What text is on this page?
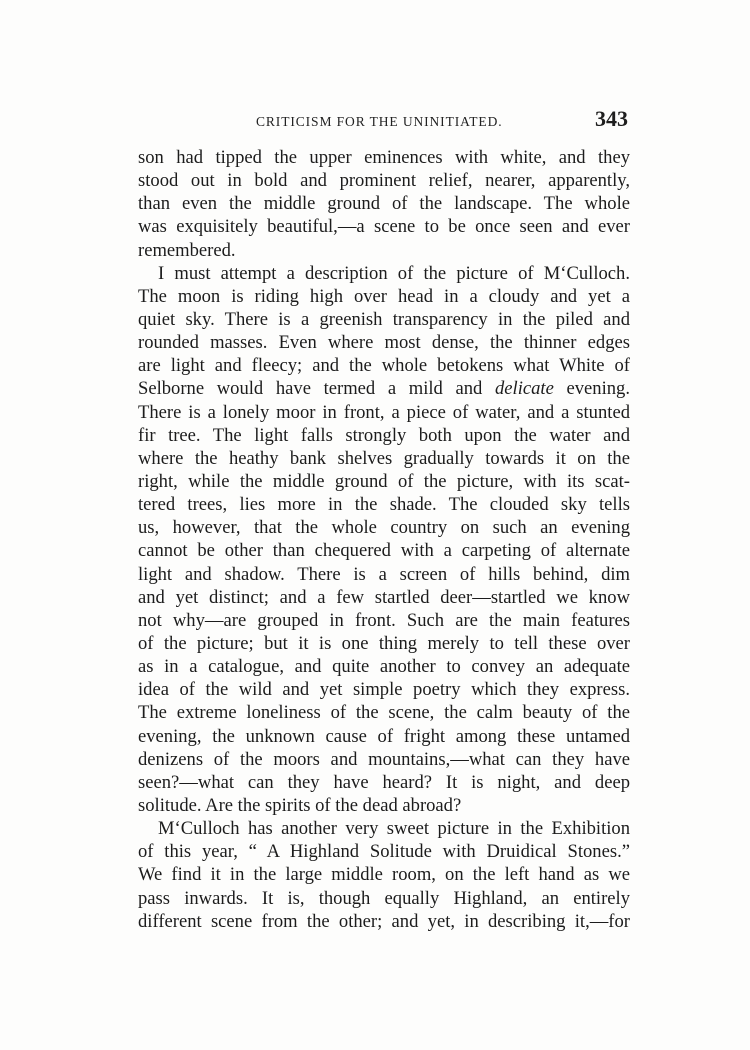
CRITICISM FOR THE UNINITIATED.	343
son had tipped the upper eminences with white, and they
stood out in bold and prominent relief, nearer, apparently,
than even the middle ground of the landscape. The whole
was exquisitely beautiful,—a scene to be once seen and ever
remembered.
I must attempt a description of the picture of M‘Culloch.
The moon is riding high over head in a cloudy and yet a
quiet sky. There is a greenish transparency in the piled and
rounded masses. Even where most dense, the thinner edges
are light and fleecy; and the whole betokens what White of
Selborne would have termed a mild and delicate evening.
There is a lonely moor in front, a piece of water, and a stunted
fir tree. The light falls strongly both upon the water and
where the heathy bank shelves gradually towards it on the
right, while the middle ground of the picture, with its scat-
tered trees, lies more in the shade. The clouded sky tells
us, however, that the whole country on such an evening
cannot be other than chequered with a carpeting of alternate
light and shadow. There is a screen of hills behind, dim
and yet distinct; and a few startled deer—startled we know
not why—are grouped in front. Such are the main features
of the picture; but it is one thing merely to tell these over
as in a catalogue, and quite another to convey an adequate
idea of the wild and yet simple poetry which they express.
The extreme loneliness of the scene, the calm beauty of the
evening, the unknown cause of fright among these untamed
denizens of the moors and mountains,—what can they have
seen?—what can they have heard? It is night, and deep
solitude. Are the spirits of the dead abroad?
M‘Culloch has another very sweet picture in the Exhibition
of this year, “ A Highland Solitude with Druidical Stones.”
We find it in the large middle room, on the left hand as we
pass inwards. It is, though equally Highland, an entirely
different scene from the other; and yet, in describing it,—for
